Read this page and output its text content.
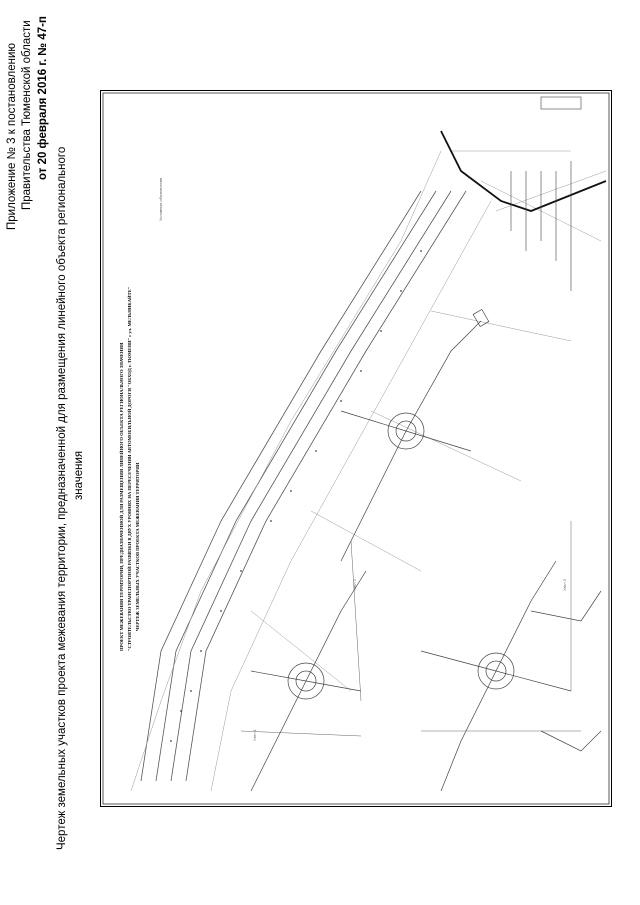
Приложение № 3 к постановлению Правительства Тюменской области от 20 февраля 2016 г. № 47-п
Чертеж земельных участков проекта межевания территории, предназначенной для размещения линейного объекта регионального значения
Узел 1
Узел 2	Узел 3
ПРОЕКТ МЕЖЕВАНИЯ ТЕРРИТОРИИ, ПРЕДНАЗНАЧЕННОЙ ДЛЯ РАЗМЕЩЕНИЯ ЛИНЕЙНОГО ОБЪЕКТА РЕГИОНАЛЬНОГО ЗНАЧЕНИЯ "СТРОИТЕЛЬСТВО ТРАНСПОРТНОЙ РАЗВЯЗКИ В ДВУХ УРОВНЯХ НА ПЕРЕСЕЧЕНИИ АВТОМОБИЛЬНОЙ ДОРОГИ "ОБХОД г. ТЮМЕНИ" с ул. МЕЛЬНИКАЙТЕ" ЧЕРТЕЖ ЗЕМЕЛЬНЫХ УЧАСТКОВ ПРОЕКТА МЕЖЕВАНИЯ ТЕРРИТОРИИ
Условные обозначения
